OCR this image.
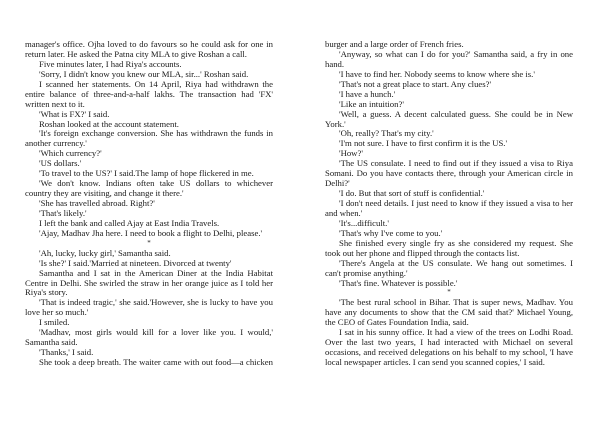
manager's office. Ojha loved to do favours so he could ask for one in
return later. He asked the Patna city MLA to give Roshan a call.
Five minutes later, I had Riya's accounts.
'Sorry, I didn't know you knew our MLA, sir...' Roshan said.
I scanned her statements. On 14 April, Riya had withdrawn the
entire balance of three-and-a-half lakhs. The transaction had 'FX'
written next to it.
'What is FX?' I said.
Roshan looked at the account statement.
'It's foreign exchange conversion. She has withdrawn the funds in
another currency.'
'Which currency?'
'US dollars.'
'To travel to the US?' I said.The lamp of hope flickered in me.
'We don't know. Indians often take US dollars to whichever
country they are visiting, and change it there.'
'She has travelled abroad. Right?'
'That's likely.'
I left the bank and called Ajay at East India Travels.
'Ajay, Madhav Jha here. I need to book a flight to Delhi, please.'
*
'Ah, lucky, lucky girl,' Samantha said.
'Is she?' I said.'Married at nineteen. Divorced at twenty'
Samantha and I sat in the American Diner at the India Habitat
Centre in Delhi. She swirled the straw in her orange juice as I told her
Riya's story.
'That is indeed tragic,' she said.'However, she is lucky to have you
love her so much.'
I smiled.
'Madhav, most girls would kill for a lover like you. I would,'
Samantha said.
'Thanks,' I said.
She took a deep breath. The waiter came with out food—a chicken
burger and a large order of French fries.
'Anyway, so what can I do for you?' Samantha said, a fry in one
hand.
'I have to find her. Nobody seems to know where she is.'
'That's not a great place to start. Any clues?'
'I have a hunch.'
'Like an intuition?'
'Well, a guess. A decent calculated guess. She could be in New
York.'
'Oh, really? That's my city.'
'I'm not sure. I have to first confirm it is the US.'
'How?'
'The US consulate. I need to find out if they issued a visa to Riya
Somani. Do you have contacts there, through your American circle in
Delhi?'
'I do. But that sort of stuff is confidential.'
'I don't need details. I just need to know if they issued a visa to her
and when.'
'It's...difficult.'
'That's why I've come to you.'
She finished every single fry as she considered my request. She
took out her phone and flipped through the contacts list.
'There's Angela at the US consulate. We hang out sometimes. I
can't promise anything.'
'That's fine. Whatever is possible.'
*
'The best rural school in Bihar. That is super news, Madhav. You
have any documents to show that the CM said that?' Michael Young,
the CEO of Gates Foundation India, said.
I sat in his sunny office. It had a view of the trees on Lodhi Road.
Over the last two years, I had interacted with Michael on several
occasions, and received delegations on his behalf to my school, 'I have
local newspaper articles. I can send you scanned copies,' I said.
